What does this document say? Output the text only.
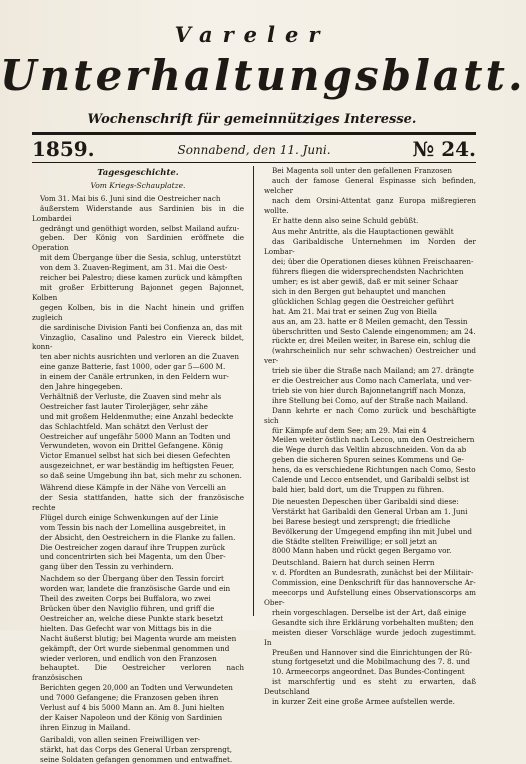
Vareler
Unterhaltungsblatt.
Wochenschrift für gemeinnütziges Interesse.
1859.	Sonnabend, den 11. Juni.	№ 24.
Tagesgeschichte.
Vom Kriegs-Schauplatze.

Vom 31. Mai bis 6. Juni sind die Oestreicher nach
äußerstem Widerstande aus Sardinien bis in die Lombardei
gedrängt und genöthigt worden, selbst Mailand aufzu-
geben. Der König von Sardinien eröffnete die Operation
mit dem Übergange über die Sesia, schlug, unterstützt
von dem 3. Zuaven-Regiment, am 31. Mai die Oest-
reicher bei Palestro; diese kamen zurück und kämpften
mit großer Erbitterung Bajonnet gegen Bajonnet, Kolben
gegen Kolben, bis in die Nacht hinein und griffen zugleich
die sardinische Division Fanti bei Confienza an, das mit
Vinzaglio, Casalino und Palestro ein Viereck bildet, konn-
ten aber nichts ausrichten und verloren an die Zuaven
eine ganze Batterie, fast 1000, oder gar 5—600 M.
in einem der Canäle ertrunken, in den Feldern wur-
den Jahre hingegeben.
Verhältniß der Verluste, die Zuaven sind mehr als
Oestreicher fast lauter Tirolerjäger, sehr zähe
und mit großem Heldenmuthe; eine Anzahl bedeckte
das Schlachtfeld. Man schätzt den Verlust der
Oestreicher auf ungefähr 5000 Mann an Todten und
Verwundeten, wovon ein Drittel Gefangene. König
Victor Emanuel selbst hat sich bei diesen Gefechten
ausgezeichnet, er war beständig im heftigsten Feuer,
so daß seine Umgebung ihn bat, sich mehr zu schonen.

Während diese Kämpfe in der Nähe von Vercelli an
der Sesia stattfanden, hatte sich der französische rechte
Flügel durch einige Schwenkungen auf der Linie
vom Tessin bis nach der Lomellina ausgebreitet, in
der Absicht, den Oestreichern in die Flanke zu fallen.
Die Oestreicher zogen darauf ihre Truppen zurück
und concentrirten sich bei Magenta, um den Über-
gang über den Tessin zu verhindern.

Nachdem so der Übergang über den Tessin forcirt
worden war, landete die französische Garde und ein
Theil des zweiten Corps bei Buffalora, wo zwei
Brücken über den Naviglio führen, und griff die
Oestreicher an, welche diese Punkte stark besetzt
hielten. Das Gefecht war von Mittags bis in die
Nacht äußerst blutig; bei Magenta wurde am meisten
gekämpft, der Ort wurde siebenmal genommen und
wieder verloren, und endlich von den Franzosen
behauptet. Die Oestreicher verloren nach französischen
Berichten gegen 20,000 an Todten und Verwundeten
und 7000 Gefangene; die Franzosen geben ihren
Verlust auf 4 bis 5000 Mann an. Am 8. Juni hielten
der Kaiser Napoleon und der König von Sardinien
ihren Einzug in Mailand.

Garibaldi, von allen seinen Freiwilligen ver-
stärkt, hat das Corps des General Urban zersprengt,
seine Soldaten gefangen genommen und entwaffnet.

Bei Magenta soll unter den gefallenen Franzosen
auch der famose General Espinasse sich befinden, welcher
nach dem Orsini-Attentat ganz Europa mißregieren wollte.
Er hatte denn also seine Schuld gebüßt.

Aus mehr Antritte, als die Hauptactionen gewählt
das Garibaldische Unternehmen im Norden der Lombar-
dei; über die Operationen dieses kühnen Freischaaren-
führers fliegen die widersprechendsten Nachrichten
umher; es ist aber gewiß, daß er mit seiner Schaar
sich in den Bergen gut behauptet und manchen
glücklichen Schlag gegen die Oestreicher geführt
hat. Am 21. Mai trat er seinen Zug von Biella
aus an, am 23. hatte er 8 Meilen gemacht, den Tessin
überschritten und Sesto Calende eingenommen; am 24.
rückte er, drei Meilen weiter, in Barese ein, schlug die
(wahrscheinlich nur sehr schwachen) Oestreicher und ver-
trieb sie über die Straße nach Mailand; am 27. drängte
er die Oestreicher aus Como nach Camerlata, und ver-
trieb sie von hier durch Bajonnetangriff nach Monza,
ihre Stellung bei Como, auf der Straße nach Mailand.
Dann kehrte er nach Como zurück und beschäftigte sich
für Kämpfe auf dem See; am 29. Mai ein 4
Meilen weiter östlich nach Lecco, um den Oestreichern
die Wege durch das Veltlin abzuschneiden. Von da ab
geben die sicheren Spuren seines Kommens und Ge-
hens, da es verschiedene Richtungen nach Como, Sesto
Calende und Lecco entsendet, und Garibaldi selbst ist
bald hier, bald dort, um die Truppen zu führen.

Die neuesten Depeschen über Garibaldi sind diese:
Verstärkt hat Garibaldi den General Urban am 1. Juni
bei Barese besiegt und zersprengt; die friedliche
Bevölkerung der Umgegend empfing ihn mit Jubel und
die Städte stellten Freiwillige; er soll jetzt an
8000 Mann haben und rückt gegen Bergamo vor.

Deutschland. Baiern hat durch seinen Herrn
v. d. Pfordten an Bundesrath, zunächst bei der Militair-
Commission, eine Denkschrift für das hannoversche Ar-
meecorps und Aufstellung eines Observationscorps am Ober-
rhein vorgeschlagen. Derselbe ist der Art, daß einige
Gesandte sich ihre Erklärung vorbehalten mußten; den
meisten dieser Vorschläge wurde jedoch zugestimmt. In
Preußen und Hannover sind die Einrichtungen der Rü-
stung fortgesetzt und die Mobilmachung des 7. 8. und
10. Armeecorps angeordnet. Das Bundes-Contingent
ist marschfertig und es steht zu erwarten, daß Deutschland
in kurzer Zeit eine große Armee aufstellen werde.
